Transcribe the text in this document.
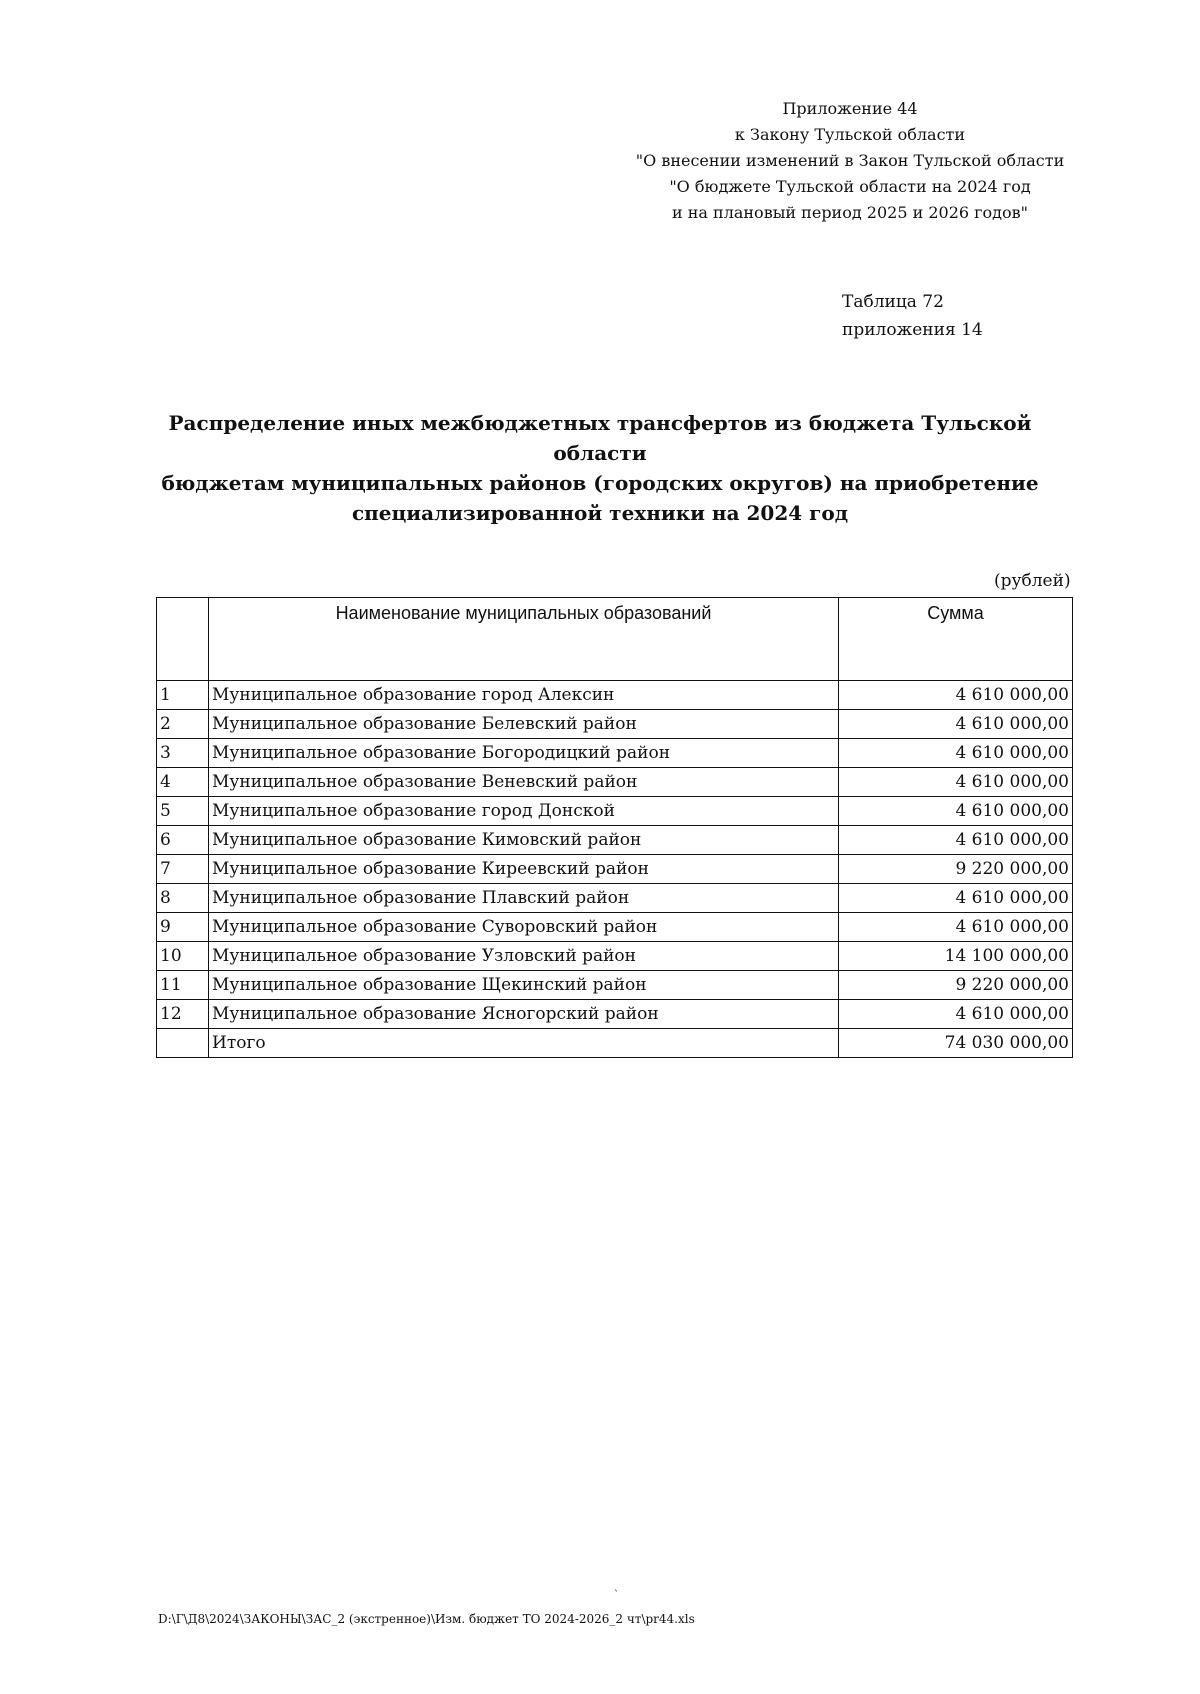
Приложение 44
к Закону Тульской области
"О внесении изменений в Закон Тульской области
"О бюджете Тульской области на 2024 год
и на плановый период 2025 и 2026 годов"
Таблица 72
приложения 14
Распределение иных межбюджетных трансфертов из бюджета Тульской области
бюджетам муниципальных районов (городских округов) на приобретение
специализированной техники на 2024 год
(рублей)
	Наименование муниципальных образований	Сумма
1	Муниципальное образование город Алексин	4 610 000,00
2	Муниципальное образование Белевский район	4 610 000,00
3	Муниципальное образование Богородицкий район	4 610 000,00
4	Муниципальное образование Веневский район	4 610 000,00
5	Муниципальное образование город Донской	4 610 000,00
6	Муниципальное образование Кимовский район	4 610 000,00
7	Муниципальное образование Киреевский район	9 220 000,00
8	Муниципальное образование Плавский район	4 610 000,00
9	Муниципальное образование Суворовский район	4 610 000,00
10	Муниципальное образование Узловский район	14 100 000,00
11	Муниципальное образование Щекинский район	9 220 000,00
12	Муниципальное образование Ясногорский район	4 610 000,00
	Итого	74 030 000,00
`
D:\Г\Д8\2024\ЗАКОНЫ\ЗАС_2 (экстренное)\Изм. бюджет ТО 2024-2026_2 чт\pr44.xls
